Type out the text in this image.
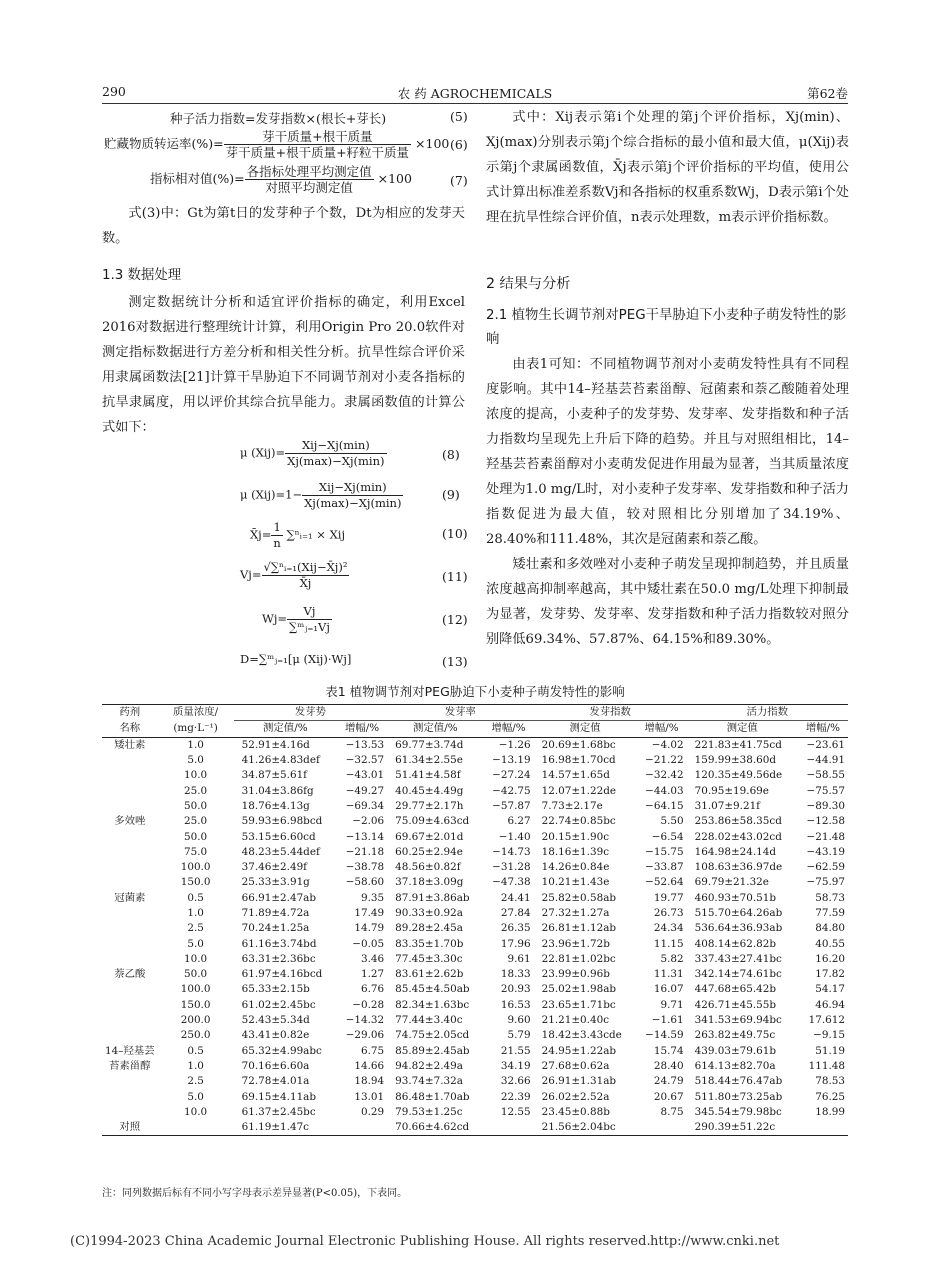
290	农 药 AGROCHEMICALS	第62卷
种子活力指数=发芽指数×(根长+芽长)	(5)
贮藏物质转运率(%)= $\frac{\text{芽干质量+根干质量}}{\text{芽干质量+根干质量+籽粒干质量}} \times 100$ (6)
指标相对值(%)= $\frac{\text{各指标处理平均测定值}}{\text{对照平均测定值}} \times 100$	(7)

式(3)中：Gt为第t日的发芽种子个数，Dt为相应的发芽天数。

1.3 数据处理

测定数据统计分析和适宜评价指标的确定，利用Excel 2016对数据进行整理统计计算，利用Origin Pro 20.0软件对测定指标数据进行方差分析和相关性分析。抗旱性综合评价采用隶属函数法[21]计算干旱胁迫下不同调节剂对小麦各指标的抗旱隶属度，用以评价其综合抗旱能力。隶属函数值的计算公式如下：

μ $(Xij)= \frac{\text{Xij−Xj(min)}}{Xj(\max)-Xj(\min)}$	(8)
μ $(Xij)=1- \frac{\text{Xij−Xj(min)}}{Xj(\max)-Xj(\min)}$	(9)
X̄j= $\frac{1}{n}$ ∑ⁿᵢ₌₁ × Xij	(10)
$Vj= \frac{\text{√∑ⁿᵢ₌₁(Xij−X̄j)²}}{X̄j}$	(11)
$Wj= \frac{Vj}{\text{∑ᵐⱼ₌₁Vj}}$	(12)
D=∑ᵐⱼ₌₁[μ (Xij)·Wj]	(13)

式中：Xij表示第i个处理的第j个评价指标，Xj(min)、Xj(max)分别表示第j个综合指标的最小值和最大值，μ(Xij)表示第j个隶属函数值，X̄j表示第j个评价指标的平均值，使用公式计算出标准差系数Vj和各指标的权重系数Wj，D表示第i个处理在抗旱性综合评价值，n表示处理数，m表示评价指标数。

2 结果与分析

2.1 植物生长调节剂对PEG干旱胁迫下小麦种子萌发特性的影响

由表1可知：不同植物调节剂对小麦萌发特性具有不同程度影响。其中14–羟基芸苔素甾醇、冠菌素和萘乙酸随着处理浓度的提高，小麦种子的发芽势、发芽率、发芽指数和种子活力指数均呈现先上升后下降的趋势。并且与对照组相比，14–羟基芸苔素甾醇对小麦萌发促进作用最为显著，当其质量浓度处理为1.0 mg/L时，对小麦种子发芽率、发芽指数和种子活力指数促进为最大值，较对照相比分别增加了34.19%、28.40%和111.48%，其次是冠菌素和萘乙酸。

矮壮素和多效唑对小麦种子萌发呈现抑制趋势，并且质量浓度越高抑制率越高，其中矮壮素在50.0 mg/L处理下抑制最为显著，发芽势、发芽率、发芽指数和种子活力指数较对照分别降低69.34%、57.87%、64.15%和89.30%。

表1 植物调节剂对PEG胁迫下小麦种子萌发特性的影响
药剂	质量浓度/	发芽势		发芽率		发芽指数		活力指数	
名称	(mg·L⁻¹)	测定值/%	增幅/%	测定值/%	增幅/%	测定值	增幅/%	测定值	增幅/%
矮壮素	1.0	52.91±4.16d	−13.53	69.77±3.74d	−1.26	20.69±1.68bc	−4.02	221.83±41.75cd	−23.61
	5.0	41.26±4.83def	−32.57	61.34±2.55e	−13.19	16.98±1.70cd	−21.22	159.99±38.60d	−44.91
	10.0	34.87±5.61f	−43.01	51.41±4.58f	−27.24	14.57±1.65d	−32.42	120.35±49.56de	−58.55
	25.0	31.04±3.86fg	−49.27	40.45±4.49g	−42.75	12.07±1.22de	−44.03	70.95±19.69e	−75.57
	50.0	18.76±4.13g	−69.34	29.77±2.17h	−57.87	7.73±2.17e	−64.15	31.07±9.21f	−89.30
多效唑	25.0	59.93±6.98bcd	−2.06	75.09±4.63cd	6.27	22.74±0.85bc	5.50	253.86±58.35cd	−12.58
	50.0	53.15±6.60cd	−13.14	69.67±2.01d	−1.40	20.15±1.90c	−6.54	228.02±43.02cd	−21.48
	75.0	48.23±5.44def	−21.18	60.25±2.94e	−14.73	18.16±1.39c	−15.75	164.98±24.14d	−43.19
	100.0	37.46±2.49f	−38.78	48.56±0.82f	−31.28	14.26±0.84e	−33.87	108.63±36.97de	−62.59
	150.0	25.33±3.91g	−58.60	37.18±3.09g	−47.38	10.21±1.43e	−52.64	69.79±21.32e	−75.97
冠菌素	0.5	66.91±2.47ab	9.35	87.91±3.86ab	24.41	25.82±0.58ab	19.77	460.93±70.51b	58.73
	1.0	71.89±4.72a	17.49	90.33±0.92a	27.84	27.32±1.27a	26.73	515.70±64.26ab	77.59
	2.5	70.24±1.25a	14.79	89.28±2.45a	26.35	26.81±1.12ab	24.34	536.64±36.93ab	84.80
	5.0	61.16±3.74bd	−0.05	83.35±1.70b	17.96	23.96±1.72b	11.15	408.14±62.82b	40.55
	10.0	63.31±2.36bc	3.46	77.45±3.30c	9.61	22.81±1.02bc	5.82	337.43±27.41bc	16.20
萘乙酸	50.0	61.97±4.16bcd	1.27	83.61±2.62b	18.33	23.99±0.96b	11.31	342.14±74.61bc	17.82
	100.0	65.33±2.15b	6.76	85.45±4.50ab	20.93	25.02±1.98ab	16.07	447.68±65.42b	54.17
	150.0	61.02±2.45bc	−0.28	82.34±1.63bc	16.53	23.65±1.71bc	9.71	426.71±45.55b	46.94
	200.0	52.43±5.34d	−14.32	77.44±3.40c	9.60	21.21±0.40c	−1.61	341.53±69.94bc	17.612
	250.0	43.41±0.82e	−29.06	74.75±2.05cd	5.79	18.42±3.43cde	−14.59	263.82±49.75c	−9.15
14–羟基芸	0.5	65.32±4.99abc	6.75	85.89±2.45ab	21.55	24.95±1.22ab	15.74	439.03±79.61b	51.19
苔素甾醇	1.0	70.16±6.60a	14.66	94.82±2.49a	34.19	27.68±0.62a	28.40	614.13±82.70a	111.48
	2.5	72.78±4.01a	18.94	93.74±7.32a	32.66	26.91±1.31ab	24.79	518.44±76.47ab	78.53
	5.0	69.15±4.11ab	13.01	86.48±1.70ab	22.39	26.02±2.52a	20.67	511.80±73.25ab	76.25
	10.0	61.37±2.45bc	0.29	79.53±1.25c	12.55	23.45±0.88b	8.75	345.54±79.98bc	18.99
对照		61.19±1.47c		70.66±4.62cd		21.56±2.04bc		290.39±51.22c	
注：同列数据后标有不同小写字母表示差异显著(P<0.05)，下表同。
(C)1994-2023 China Academic Journal Electronic Publishing House. All rights reserved. http://www.cnki.net
